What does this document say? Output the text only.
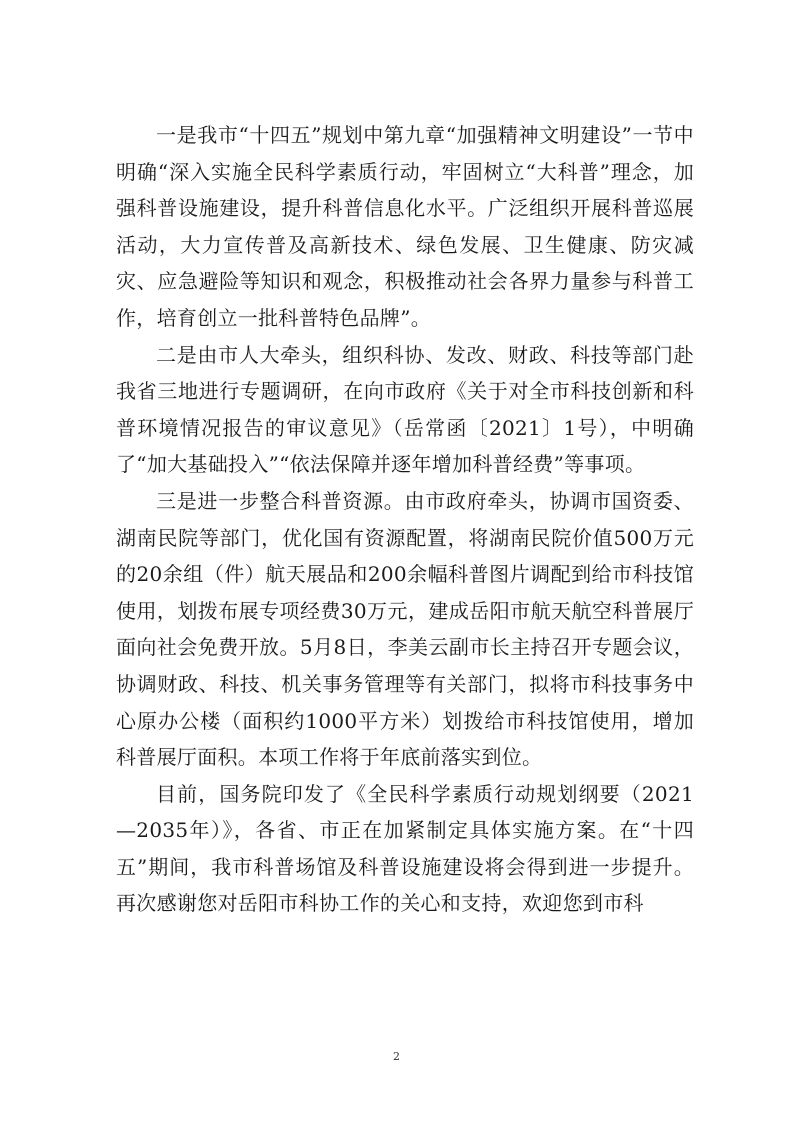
一是我市“十四五”规划中第九章“加强精神文明建设”一节中明确“深入实施全民科学素质行动，牢固树立“大科普”理念，加强科普设施建设，提升科普信息化水平。广泛组织开展科普巡展活动，大力宣传普及高新技术、绿色发展、卫生健康、防灾减灾、应急避险等知识和观念，积极推动社会各界力量参与科普工作，培育创立一批科普特色品牌”。

二是由市人大牵头，组织科协、发改、财政、科技等部门赴我省三地进行专题调研，在向市政府《关于对全市科技创新和科普环境情况报告的审议意见》（岳常函〔2021〕1号），中明确了“加大基础投入”“依法保障并逐年增加科普经费”等事项。

三是进一步整合科普资源。由市政府牵头，协调市国资委、湖南民院等部门，优化国有资源配置，将湖南民院价值500万元的20余组（件）航天展品和200余幅科普图片调配到给市科技馆使用，划拨布展专项经费30万元，建成岳阳市航天航空科普展厅面向社会免费开放。5月8日，李美云副市长主持召开专题会议，协调财政、科技、机关事务管理等有关部门，拟将市科技事务中心原办公楼（面积约1000平方米）划拨给市科技馆使用，增加科普展厅面积。本项工作将于年底前落实到位。

目前，国务院印发了《全民科学素质行动规划纲要（2021—2035年）》，各省、市正在加紧制定具体实施方案。在“十四五”期间，我市科普场馆及科普设施建设将会得到进一步提升。再次感谢您对岳阳市科协工作的关心和支持，欢迎您到市科

2
